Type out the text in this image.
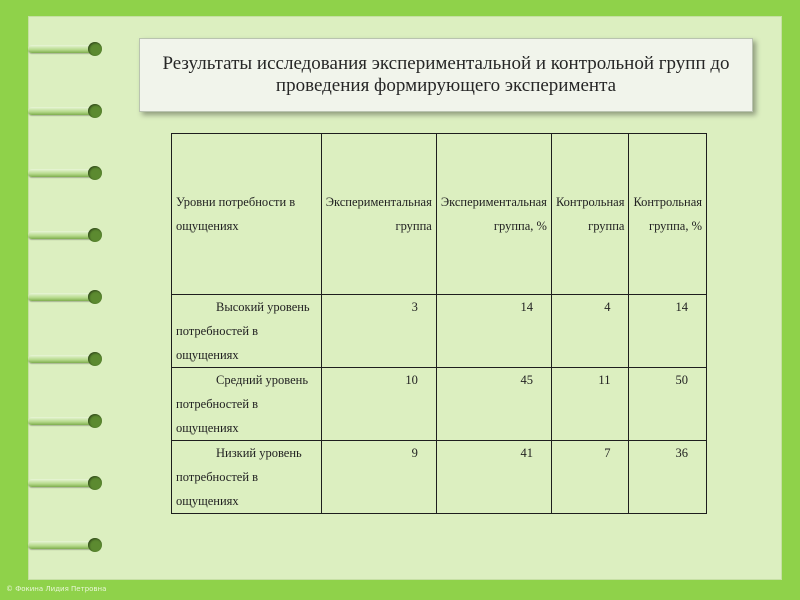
Результаты исследования экспериментальной и контрольной групп до проведения формирующего эксперимента
Уровни потребности в ощущениях	Экспериментальная группа	Экспериментальная группа, %	Контрольная группа	Контрольная группа, %
Высокий уровень потребностей в ощущениях	3	14	4	14
Средний уровень потребностей в ощущениях	10	45	11	50
Низкий уровень потребностей в ощущениях	9	41	7	36
© Фокина Лидия Петровна
